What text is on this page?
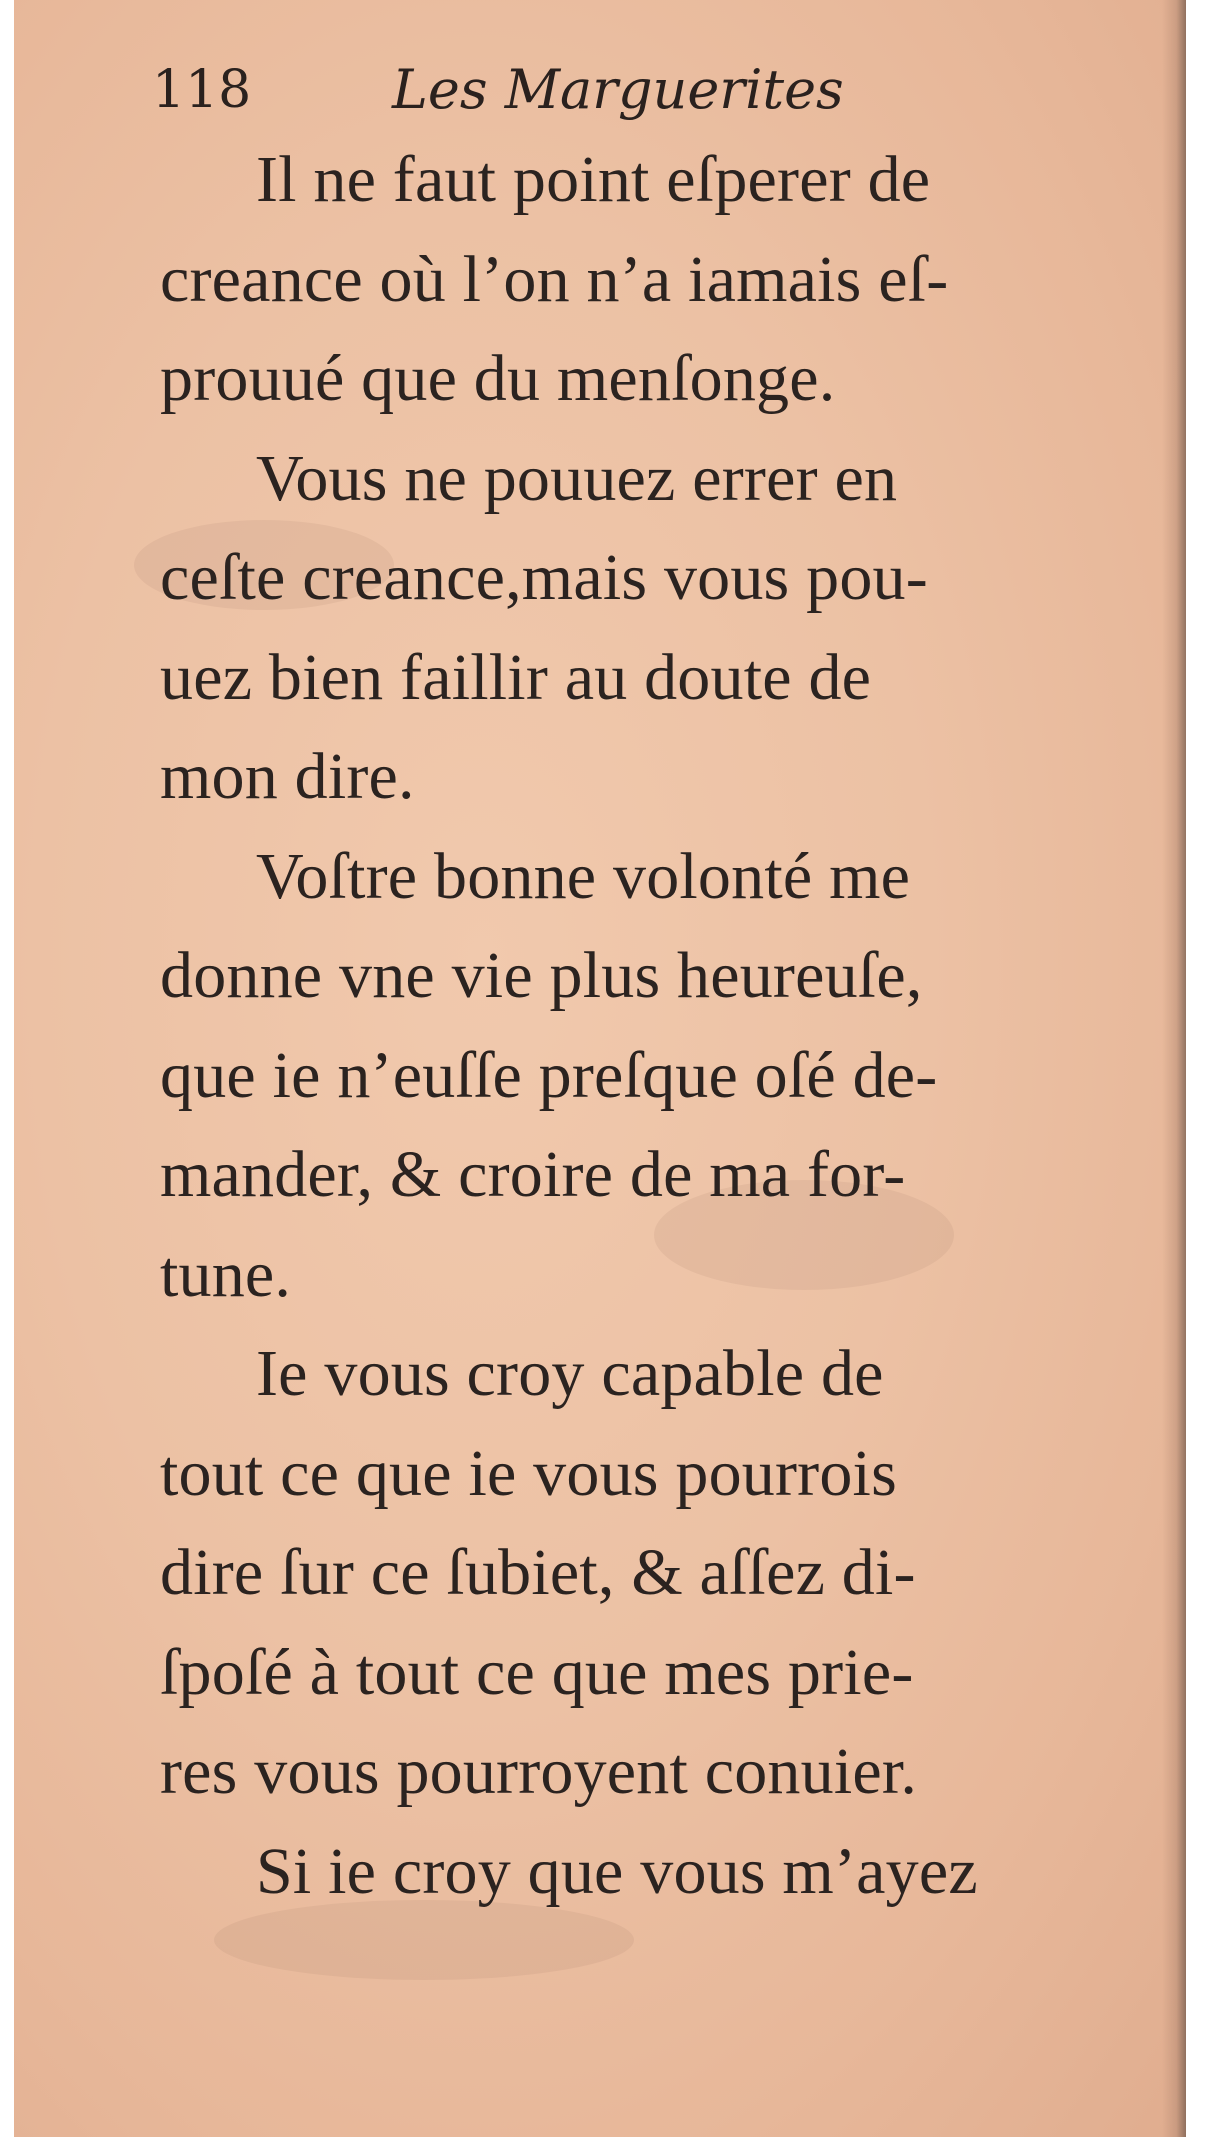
118	Les Marguerites
Il ne faut point eſperer de
creance où l’on n’a iamais eſ-
prouué que du menſonge.
Vous ne pouuez errer en
ceſte creance,mais vous pou-
uez bien faillir au doute de
mon dire.
Voſtre bonne volonté me
donne vne vie plus heureuſe,
que ie n’euſſe preſque oſé de-
mander, & croire de ma for-
tune.
Ie vous croy capable de
tout ce que ie vous pourrois
dire ſur ce ſubiet, & aſſez di-
ſpoſé à tout ce que mes prie-
res vous pourroyent conuier.
Si ie croy que vous m’ayez
